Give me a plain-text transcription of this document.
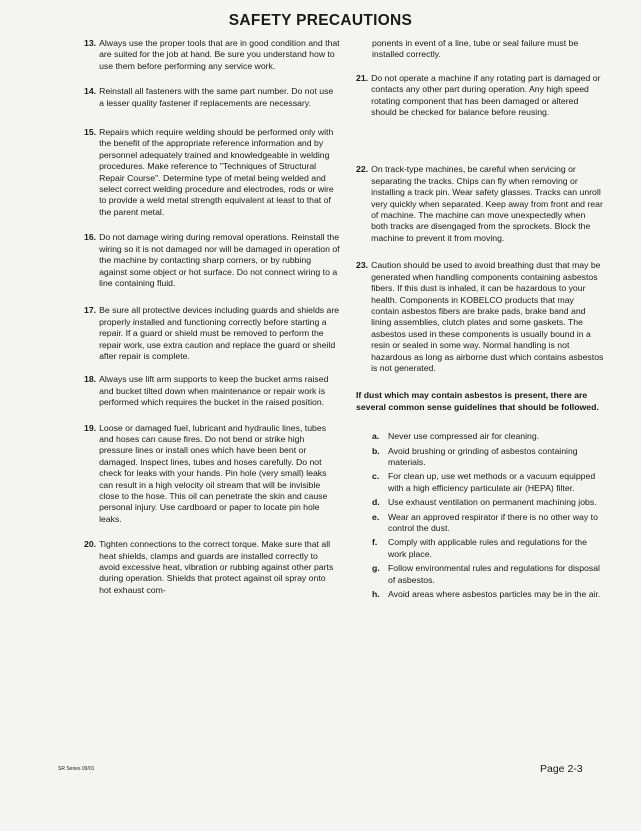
SAFETY PRECAUTIONS
13. Always use the proper tools that are in good condition and that are suited for the job at hand. Be sure you understand how to use them before performing any service work.
14. Reinstall all fasteners with the same part number. Do not use a lesser quality fastener if replacements are necessary.
15. Repairs which require welding should be performed only with the benefit of the appropriate reference information and by personnel adequately trained and knowledgeable in welding procedures. Make reference to "Techniques of Structural Repair Course". Determine type of metal being welded and select correct welding procedure and electrodes, rods or wire to provide a weld metal strength equivalent at least to that of the parent metal.
16. Do not damage wiring during removal operations. Reinstall the wiring so it is not damaged nor will be damaged in operation of the machine by contacting sharp corners, or by rubbing against some object or hot surface. Do not connect wiring to a line containing fluid.
17. Be sure all protective devices including guards and shields are properly installed and functioning correctly before starting a repair. If a guard or shield must be removed to perform the repair work, use extra caution and replace the guard or sheild after repair is complete.
18. Always use lift arm supports to keep the bucket arms raised and bucket tilted down when maintenance or repair work is performed which requires the bucket in the raised position.
19. Loose or damaged fuel, lubricant and hydraulic lines, tubes and hoses can cause fires. Do not bend or strike high pressure lines or install ones which have been bent or damaged. Inspect lines, tubes and hoses carefully. Do not check for leaks with your hands. Pin hole (very small) leaks can result in a high velocity oil stream that will be invisible close to the hose. This oil can penetrate the skin and cause personal injury. Use cardboard or paper to locate pin hole leaks.
20. Tighten connections to the correct torque. Make sure that all heat shields, clamps and guards are installed correctly to avoid excessive heat, vibration or rubbing against other parts during operation. Shields that protect against oil spray onto hot exhaust com-
ponents in event of a line, tube or seal failure must be installed correctly.
21. Do not operate a machine if any rotating part is damaged or contacts any other part during operation. Any high speed rotating component that has been damaged or altered should be checked for balance before reusing.
22. On track-type machines, be careful when servicing or separating the tracks. Chips can fly when removing or installing a track pin. Wear safety glasses. Tracks can unroll very quickly when separated. Keep away from front and rear of machine. The machine can move unexpectedly when both tracks are disengaged from the sprockets. Block the machine to prevent it from moving.
23. Caution should be used to avoid breathing dust that may be generated when handling components containing asbestos fibers. If this dust is inhaled, it can be hazardous to your health. Components in KOBELCO products that may contain asbestos fibers are brake pads, brake band and lining assemblies, clutch plates and some gaskets. The asbestos used in these components is usually bound in a resin or sealed in some way. Normal handling is not hazardous as long as airborne dust which contains asbestos is not generated.
If dust which may contain asbestos is present, there are several common sense guidelines that should be followed.
a.	Never use compressed air for cleaning.
b. Avoid brushing or grinding of asbestos containing materials.
c.	For clean up, use wet methods or a vacuum equipped with a high efficiency particulate air (HEPA) filter.
d. Use exhaust ventilation on permanent machining jobs.
e.	Wear an approved respirator if there is no other way to control the dust.
f.	Comply with applicable rules and regulations for the work place.
g. Follow environmental rules and regulations for disposal of asbestos.
h. Avoid areas where asbestos particles may be in the air.
SR Series 09/01	Page 2-3
